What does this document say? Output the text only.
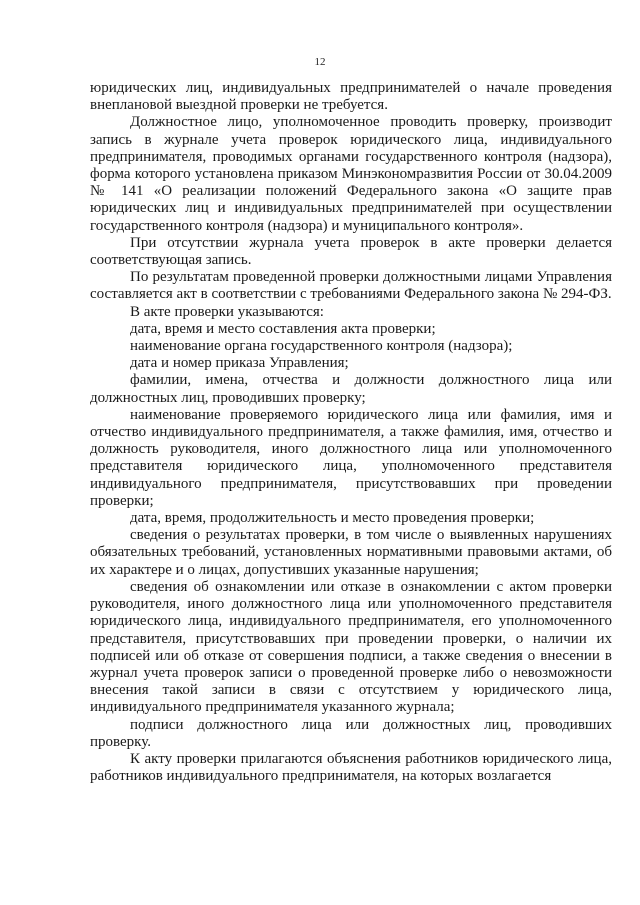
12

юридических лиц, индивидуальных предпринимателей о начале проведения внеплановой выездной проверки не требуется.

Должностное лицо, уполномоченное проводить проверку, производит запись в журнале учета проверок юридического лица, индивидуального предпринимателя, проводимых органами государственного контроля (надзора), форма которого установлена приказом Минэкономразвития России от 30.04.2009 № 141 «О реализации положений Федерального закона «О защите прав юридических лиц и индивидуальных предпринимателей при осуществлении государственного контроля (надзора) и муниципального контроля».

При отсутствии журнала учета проверок в акте проверки делается соответствующая запись.

По результатам проведенной проверки должностными лицами Управления составляется акт в соответствии с требованиями Федерального закона № 294-ФЗ.

В акте проверки указываются:

дата, время и место составления акта проверки;

наименование органа государственного контроля (надзора);

дата и номер приказа Управления;

фамилии, имена, отчества и должности должностного лица или должностных лиц, проводивших проверку;

наименование проверяемого юридического лица или фамилия, имя и отчество индивидуального предпринимателя, а также фамилия, имя, отчество и должность руководителя, иного должностного лица или уполномоченного представителя юридического лица, уполномоченного представителя индивидуального предпринимателя, присутствовавших при проведении проверки;

дата, время, продолжительность и место проведения проверки;

сведения о результатах проверки, в том числе о выявленных нарушениях обязательных требований, установленных нормативными правовыми актами, об их характере и о лицах, допустивших указанные нарушения;

сведения об ознакомлении или отказе в ознакомлении с актом проверки руководителя, иного должностного лица или уполномоченного представителя юридического лица, индивидуального предпринимателя, его уполномоченного представителя, присутствовавших при проведении проверки, о наличии их подписей или об отказе от совершения подписи, а также сведения о внесении в журнал учета проверок записи о проведенной проверке либо о невозможности внесения такой записи в связи с отсутствием у юридического лица, индивидуального предпринимателя указанного журнала;

подписи должностного лица или должностных лиц, проводивших проверку.

К акту проверки прилагаются объяснения работников юридического лица, работников индивидуального предпринимателя, на которых возлагается
